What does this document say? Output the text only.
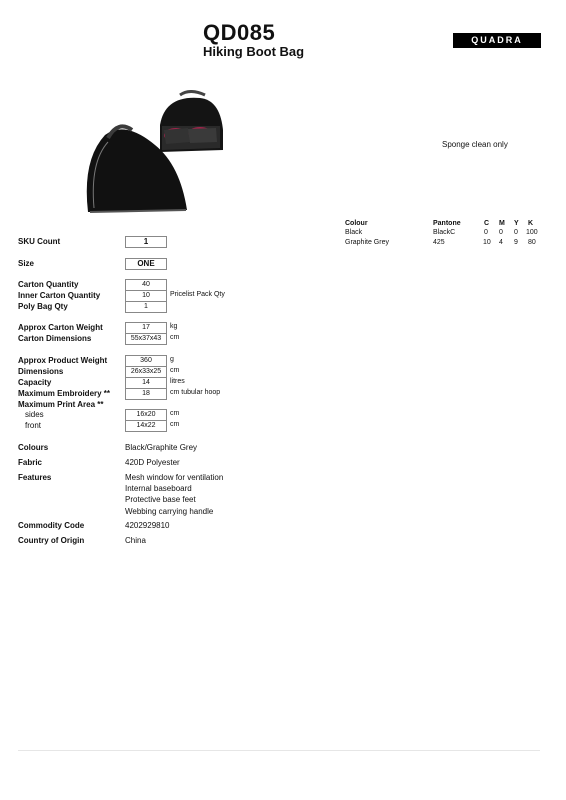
QD085
Hiking Boot Bag
QUADRA
Sponge clean only
Colour	Pantone	C M Y K
Black	BlackC	0 0 0 100
Graphite Grey	425	10 4 9 80
SKU Count	1
Size	ONE
Carton Quantity	40
Inner Carton Quantity	10	Pricelist Pack Qty
Poly Bag Qty	1
Approx Carton Weight	17	kg
Carton Dimensions	55x37x43	cm
Approx Product Weight	360	g
Dimensions	26x33x25	cm
Capacity	14	litres
Maximum Embroidery **	18	cm tubular hoop
Maximum Print Area **
sides	16x20	cm
front	14x22	cm
Colours	Black/Graphite Grey
Fabric	420D Polyester
Features	Mesh window for ventilation
Internal baseboard
Protective base feet
Webbing carrying handle
Commodity Code	4202929810
Country of Origin	China
